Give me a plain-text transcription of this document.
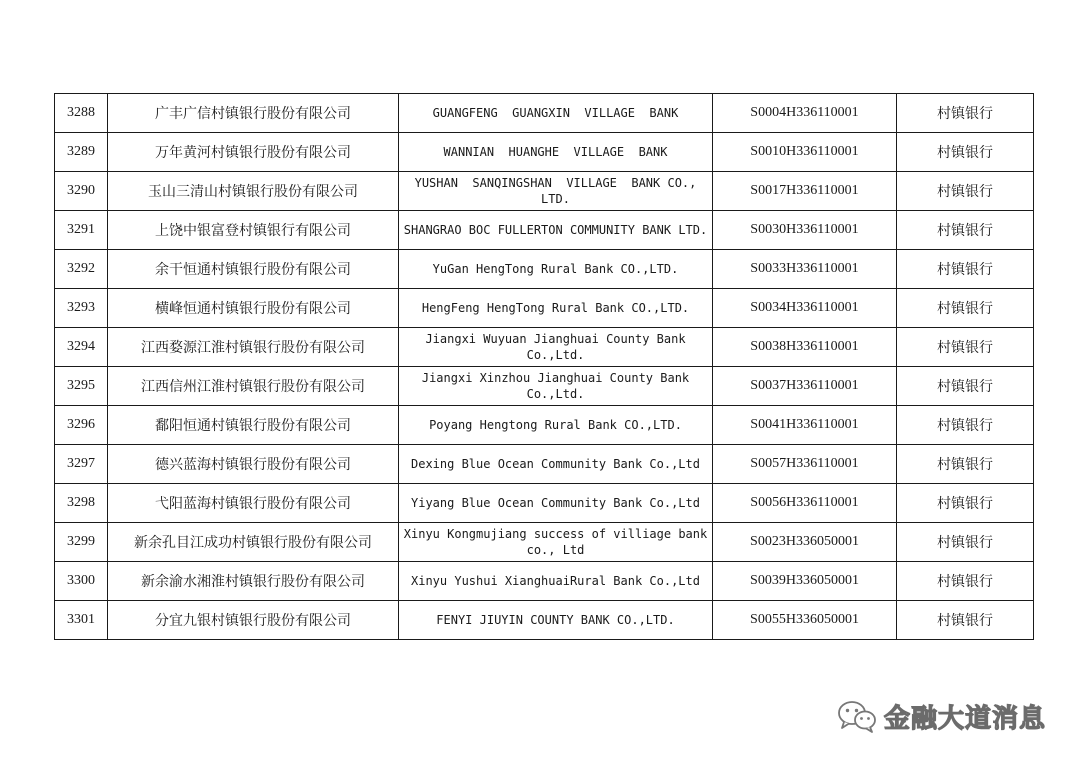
3288	广丰广信村镇银行股份有限公司	GUANGFENG  GUANGXIN  VILLAGE  BANK	S0004H336110001	村镇银行
3289	万年黄河村镇银行股份有限公司	WANNIAN  HUANGHE  VILLAGE  BANK	S0010H336110001	村镇银行
3290	玉山三清山村镇银行股份有限公司	YUSHAN  SANQINGSHAN  VILLAGE  BANK CO., LTD.	S0017H336110001	村镇银行
3291	上饶中银富登村镇银行有限公司	SHANGRAO BOC FULLERTON COMMUNITY BANK LTD.	S0030H336110001	村镇银行
3292	余干恒通村镇银行股份有限公司	YuGan HengTong Rural Bank CO.,LTD.	S0033H336110001	村镇银行
3293	横峰恒通村镇银行股份有限公司	HengFeng HengTong Rural Bank CO.,LTD.	S0034H336110001	村镇银行
3294	江西婺源江淮村镇银行股份有限公司	Jiangxi Wuyuan Jianghuai County Bank Co.,Ltd.	S0038H336110001	村镇银行
3295	江西信州江淮村镇银行股份有限公司	Jiangxi Xinzhou Jianghuai County Bank Co.,Ltd.	S0037H336110001	村镇银行
3296	鄱阳恒通村镇银行股份有限公司	Poyang Hengtong Rural Bank CO.,LTD.	S0041H336110001	村镇银行
3297	德兴蓝海村镇银行股份有限公司	Dexing Blue Ocean Community Bank Co.,Ltd	S0057H336110001	村镇银行
3298	弋阳蓝海村镇银行股份有限公司	Yiyang Blue Ocean Community Bank Co.,Ltd	S0056H336110001	村镇银行
3299	新余孔目江成功村镇银行股份有限公司	Xinyu Kongmujiang success of villiage bank co., Ltd	S0023H336050001	村镇银行
3300	新余渝水湘淮村镇银行股份有限公司	Xinyu Yushui XianghuaiRural Bank Co.,Ltd	S0039H336050001	村镇银行
3301	分宜九银村镇银行股份有限公司	FENYI JIUYIN COUNTY BANK CO.,LTD.	S0055H336050001	村镇银行
金融大道消息
